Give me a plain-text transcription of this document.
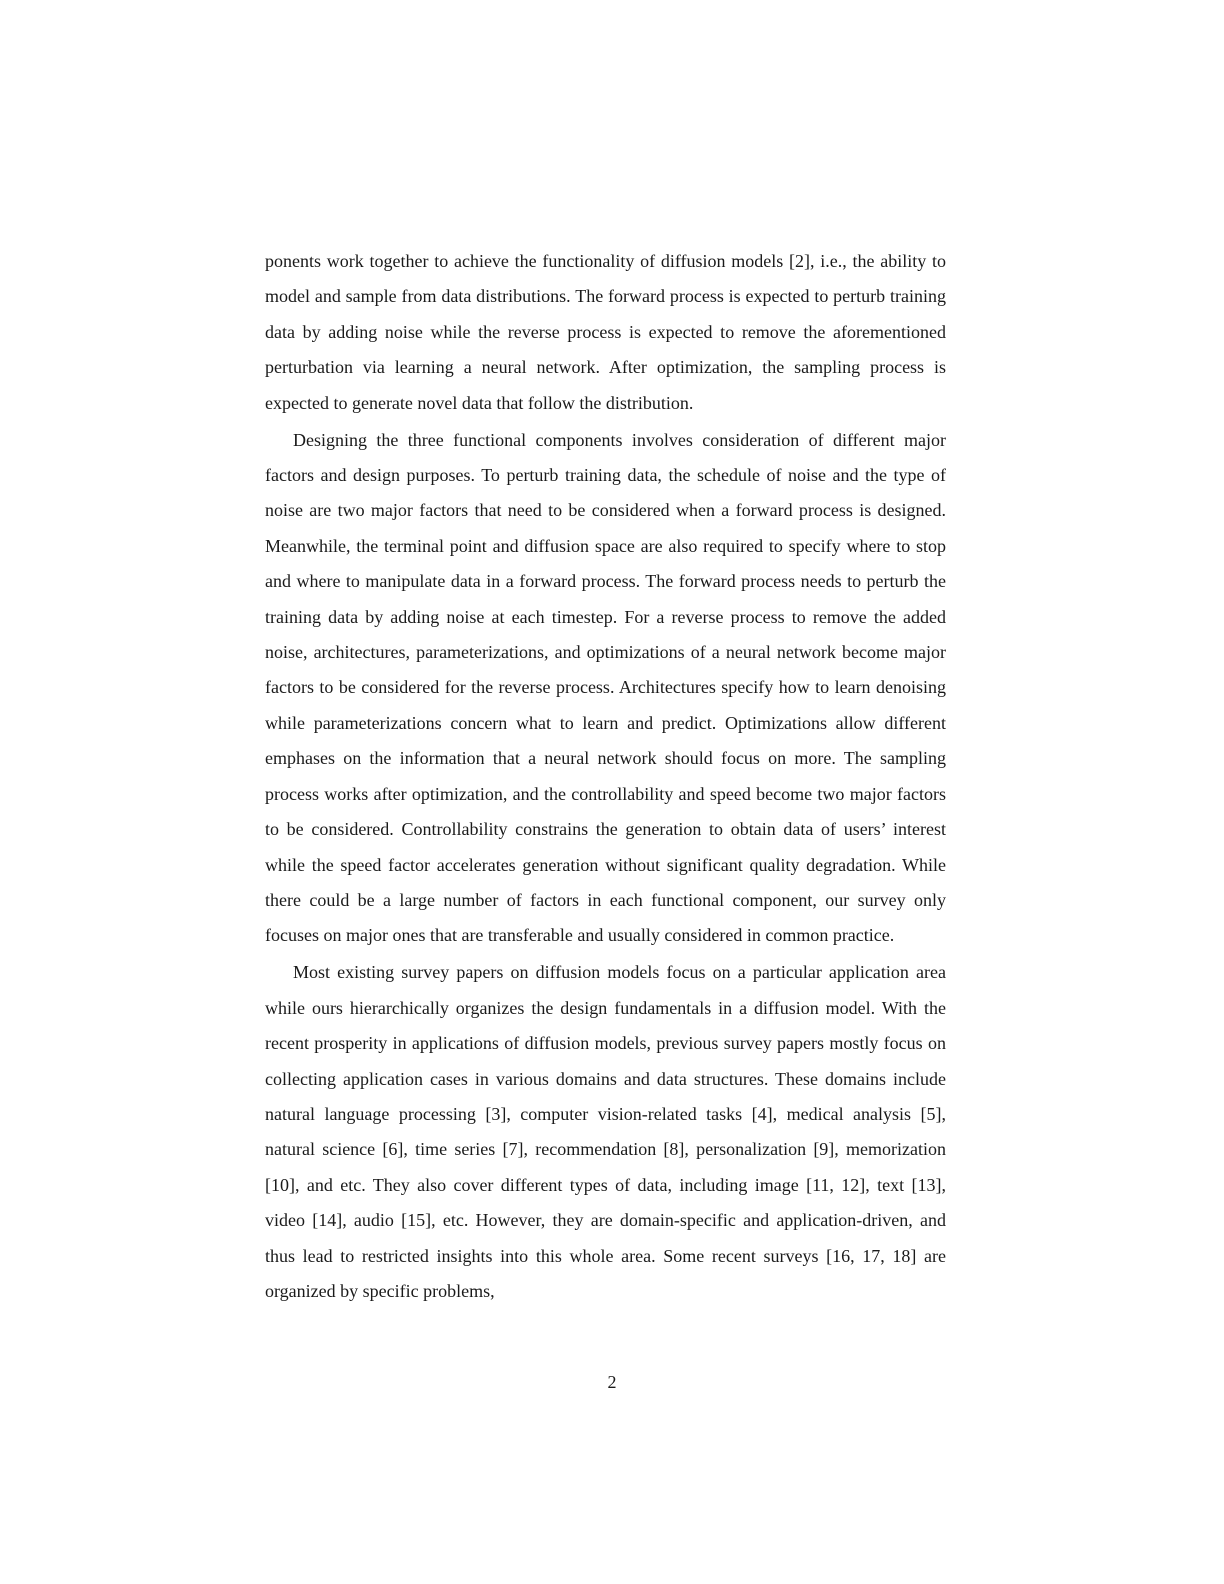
ponents work together to achieve the functionality of diffusion models [2], i.e., the ability to model and sample from data distributions. The forward process is expected to perturb training data by adding noise while the reverse process is expected to remove the aforementioned perturbation via learning a neural network. After optimization, the sampling process is expected to generate novel data that follow the distribution.

Designing the three functional components involves consideration of different major factors and design purposes. To perturb training data, the schedule of noise and the type of noise are two major factors that need to be considered when a forward process is designed. Meanwhile, the terminal point and diffusion space are also required to specify where to stop and where to manipulate data in a forward process. The forward process needs to perturb the training data by adding noise at each timestep. For a reverse process to remove the added noise, architectures, parameterizations, and optimizations of a neural network become major factors to be considered for the reverse process. Architectures specify how to learn denoising while parameterizations concern what to learn and predict. Optimizations allow different emphases on the information that a neural network should focus on more. The sampling process works after optimization, and the controllability and speed become two major factors to be considered. Controllability constrains the generation to obtain data of users’ interest while the speed factor accelerates generation without significant quality degradation. While there could be a large number of factors in each functional component, our survey only focuses on major ones that are transferable and usually considered in common practice.

Most existing survey papers on diffusion models focus on a particular application area while ours hierarchically organizes the design fundamentals in a diffusion model. With the recent prosperity in applications of diffusion models, previous survey papers mostly focus on collecting application cases in various domains and data structures. These domains include natural language processing [3], computer vision-related tasks [4], medical analysis [5], natural science [6], time series [7], recommendation [8], personalization [9], memorization [10], and etc. They also cover different types of data, including image [11, 12], text [13], video [14], audio [15], etc. However, they are domain-specific and application-driven, and thus lead to restricted insights into this whole area. Some recent surveys [16, 17, 18] are organized by specific problems,

2
